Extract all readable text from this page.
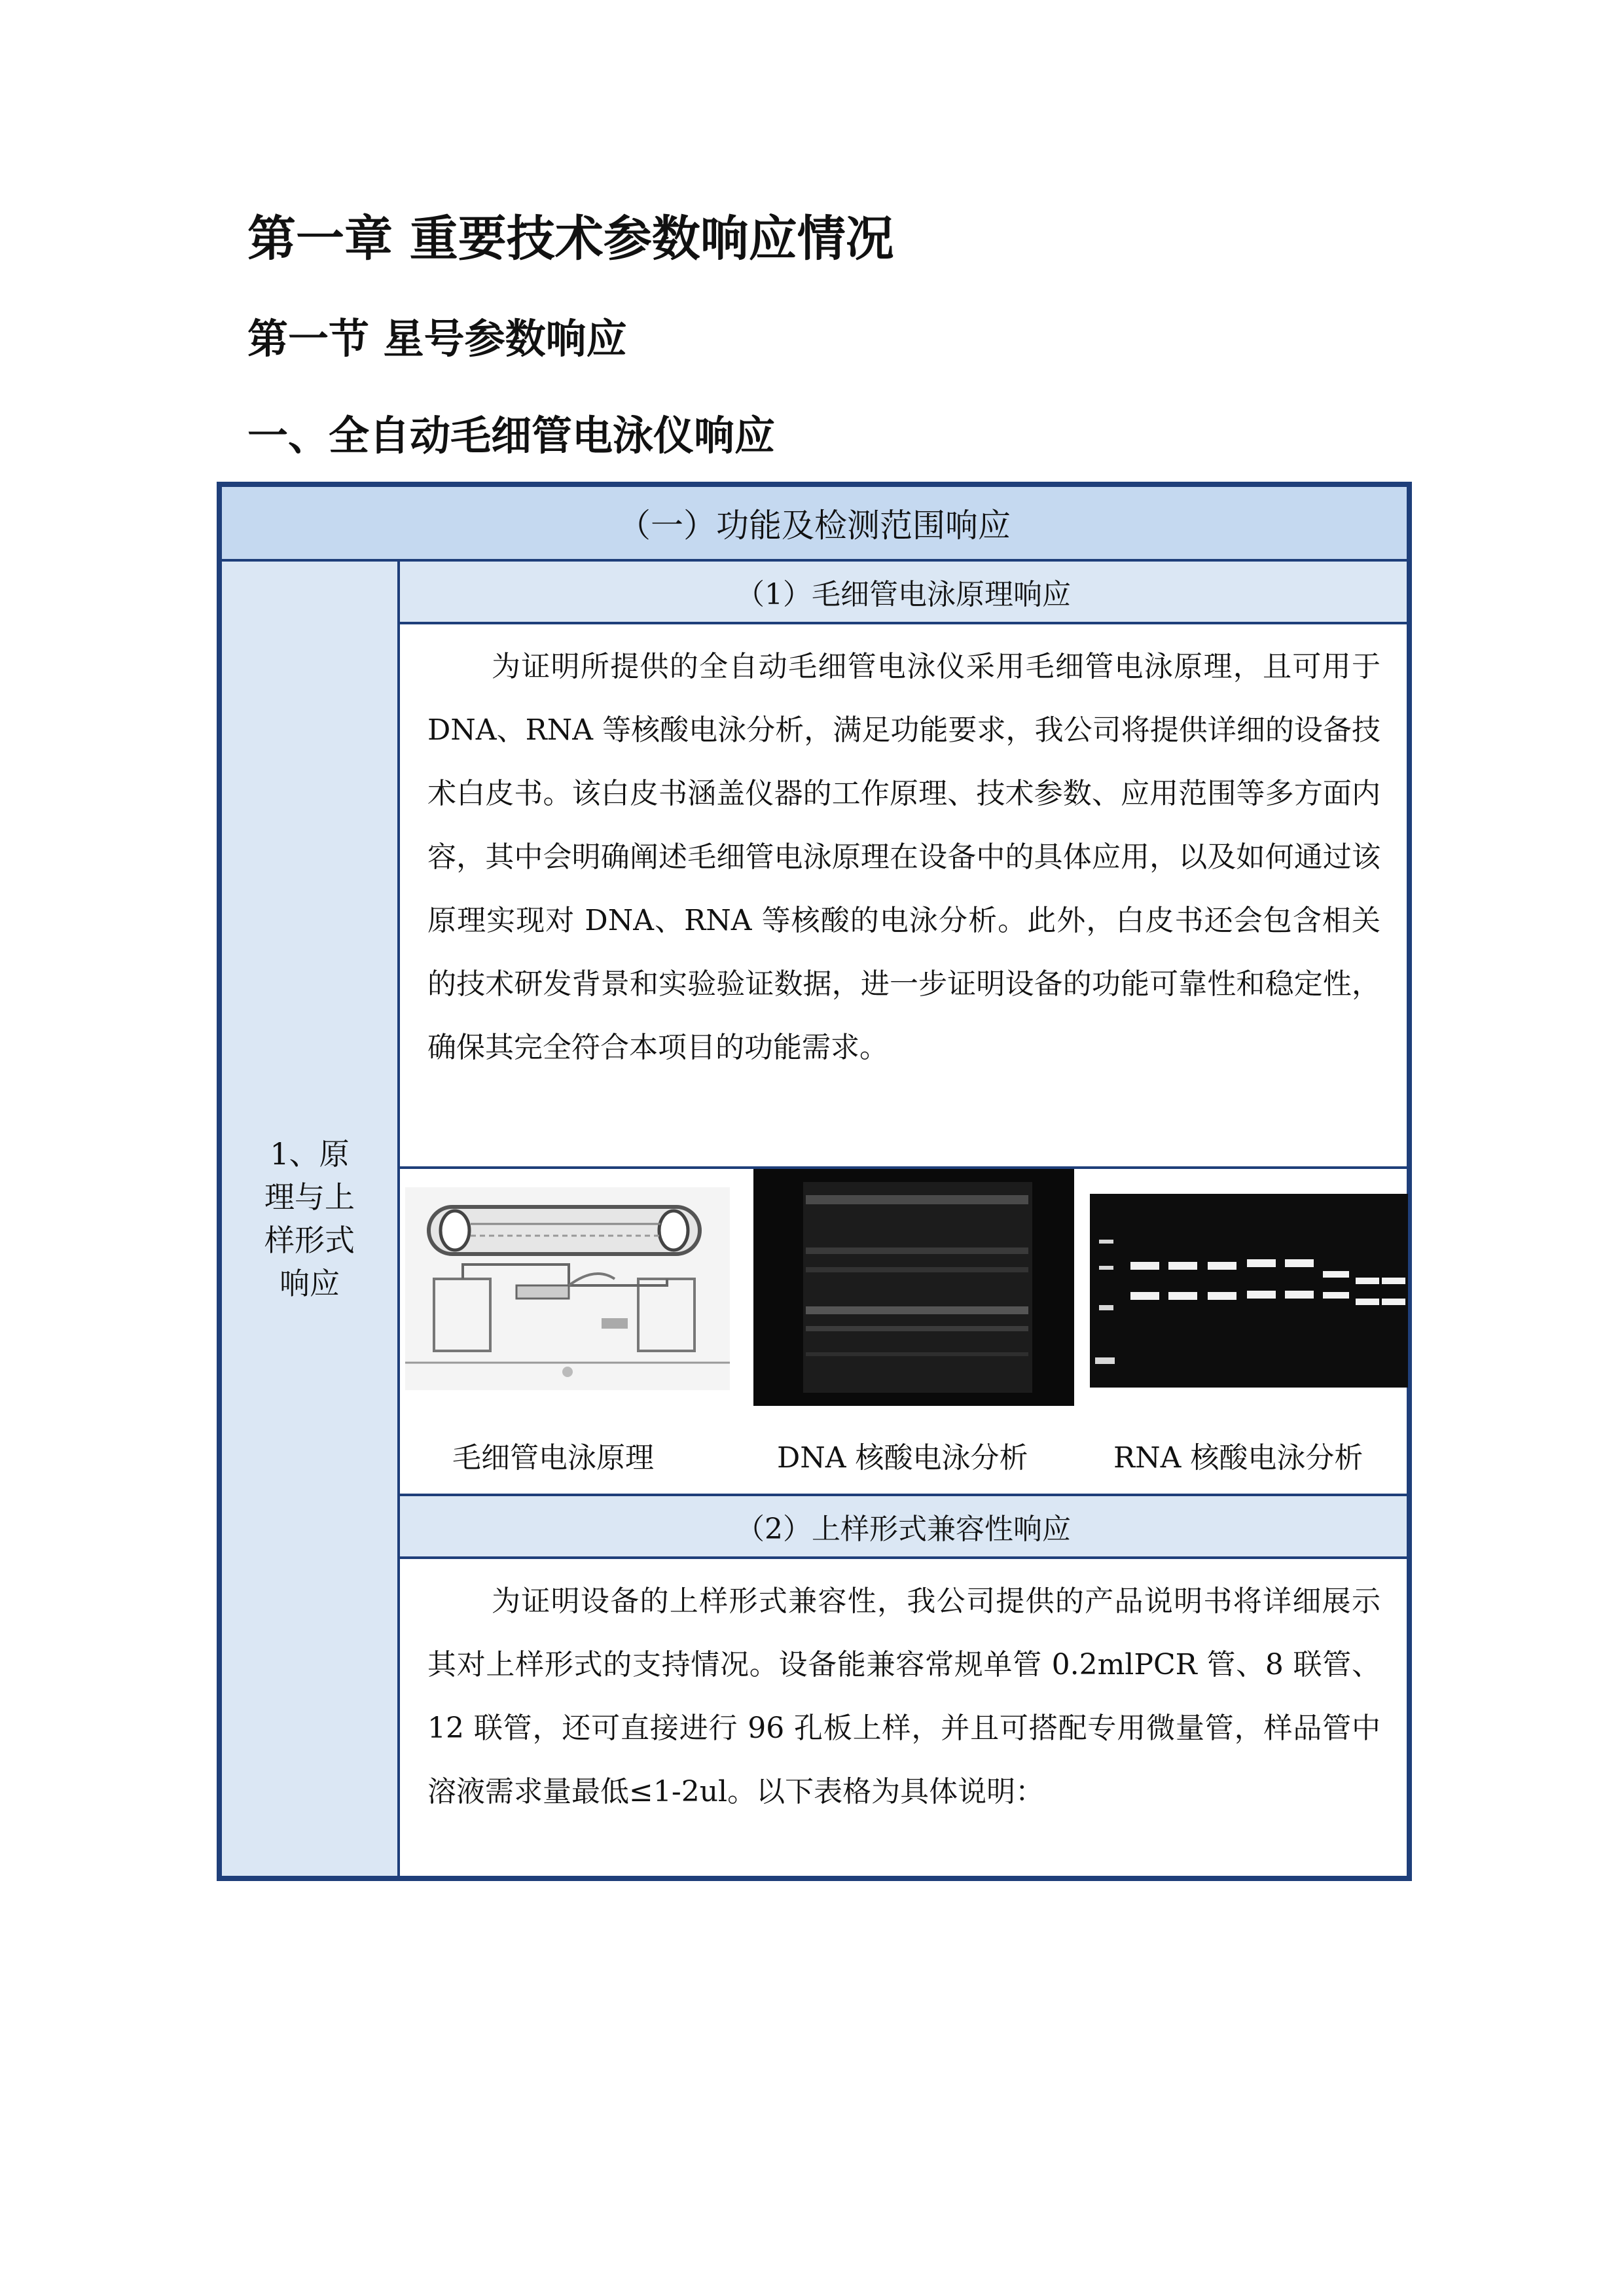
第一章 重要技术参数响应情况
第一节 星号参数响应
一、全自动毛细管电泳仪响应
（一）功能及检测范围响应
1、原理与上样形式响应
（1）毛细管电泳原理响应
为证明所提供的全自动毛细管电泳仪采用毛细管电泳原理，且可用于 DNA、RNA 等核酸电泳分析，满足功能要求，我公司将提供详细的设备技术白皮书。该白皮书涵盖仪器的工作原理、技术参数、应用范围等多方面内容，其中会明确阐述毛细管电泳原理在设备中的具体应用，以及如何通过该原理实现对 DNA、RNA 等核酸的电泳分析。此外，白皮书还会包含相关的技术研发背景和实验验证数据，进一步证明设备的功能可靠性和稳定性，确保其完全符合本项目的功能需求。
毛细管电泳原理	DNA 核酸电泳分析	RNA 核酸电泳分析
（2）上样形式兼容性响应
为证明设备的上样形式兼容性，我公司提供的产品说明书将详细展示其对上样形式的支持情况。设备能兼容常规单管 0.2mlPCR 管、8 联管、12 联管，还可直接进行 96 孔板上样，并且可搭配专用微量管，样品管中溶液需求量最低≤1-2ul。以下表格为具体说明：
